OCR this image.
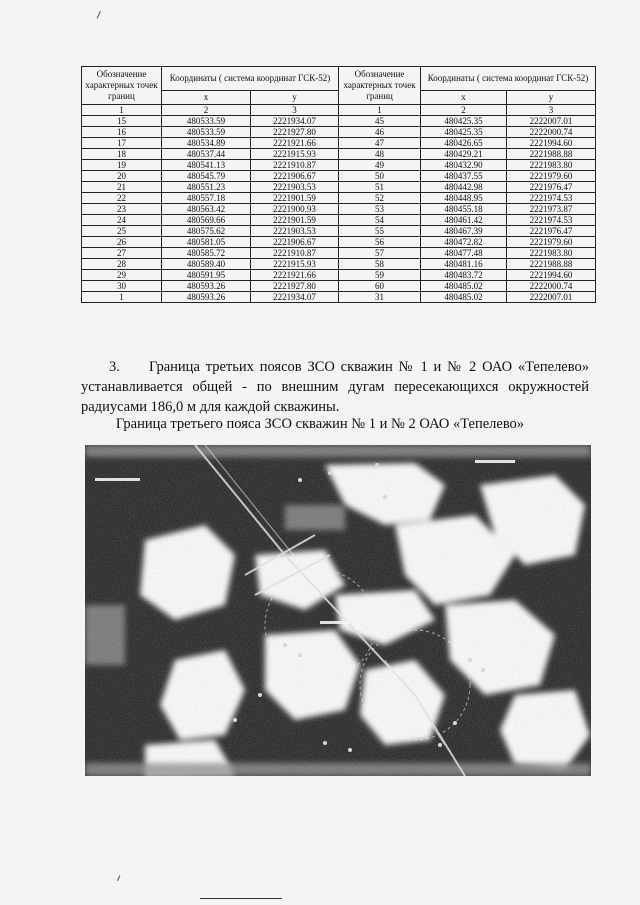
Обозначение характерных точек границ	Координаты ( система координат ГСК-52)		Обозначение характерных точек границ	Координаты ( система координат ГСК-52)	
	x	y		x	y
1	2	3	1	2	3
15	480533.59	2221934.07	45	480425.35	2222007.01
16	480533.59	2221927.80	46	480425.35	2222000.74
17	480534.89	2221921.66	47	480426.65	2221994.60
18	480537.44	2221915.93	48	480429.21	2221988.88
19	480541.13	2221910.87	49	480432.90	2221983.80
20	480545.79	2221906.67	50	480437.55	2221979.60
21	480551.23	2221903.53	51	480442.98	2221976.47
22	480557.18	2221901.59	52	480448.95	2221974.53
23	480563.42	2221900.93	53	480455.18	2221973.87
24	480569.66	2221901.59	54	480461.42	2221974.53
25	480575.62	2221903.53	55	480467.39	2221976.47
26	480581.05	2221906.67	56	480472.82	2221979.60
27	480585.72	2221910.87	57	480477.48	2221983.80
28	480589.40	2221915.93	58	480481.16	2221988.88
29	480591.95	2221921.66	59	480483.72	2221994.60
30	480593.26	2221927.80	60	480485.02	2222000.74
1	480593.26	2221934.07	31	480485.02	2222007.01
3.     Граница третьих поясов ЗСО скважин № 1 и № 2 ОАО «Тепелево» устанавливается общей - по внешним дугам пересекающихся окружностей радиусами 186,0 м для каждой скважины.
Граница третьего пояса ЗСО скважин № 1 и № 2 ОАО «Тепелево»
